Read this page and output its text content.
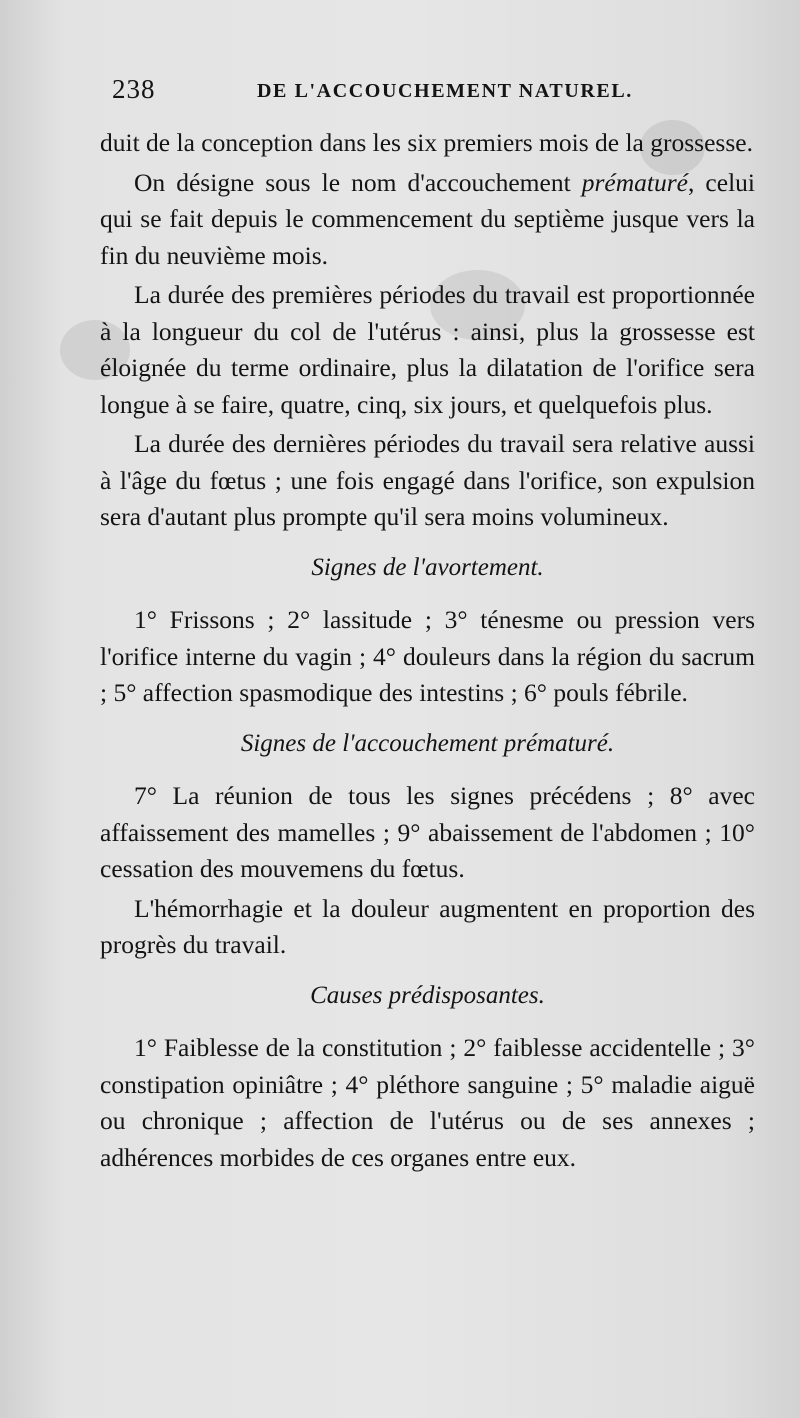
238	DE L'ACCOUCHEMENT NATUREL.

duit de la conception dans les six premiers mois de la grossesse.

On désigne sous le nom d'accouchement prématuré, celui qui se fait depuis le commencement du septième jusque vers la fin du neuvième mois.

La durée des premières périodes du travail est proportionnée à la longueur du col de l'utérus : ainsi, plus la grossesse est éloignée du terme ordinaire, plus la dilatation de l'orifice sera longue à se faire, quatre, cinq, six jours, et quelquefois plus.

La durée des dernières périodes du travail sera relative aussi à l'âge du fœtus ; une fois engagé dans l'orifice, son expulsion sera d'autant plus prompte qu'il sera moins volumineux.

Signes de l'avortement.

1° Frissons ; 2° lassitude ; 3° ténesme ou pression vers l'orifice interne du vagin ; 4° douleurs dans la région du sacrum ; 5° affection spasmodique des intestins ; 6° pouls fébrile.

Signes de l'accouchement prématuré.

7° La réunion de tous les signes précédens ; 8° avec affaissement des mamelles ; 9° abaissement de l'abdomen ; 10° cessation des mouvemens du fœtus.

L'hémorrhagie et la douleur augmentent en proportion des progrès du travail.

Causes prédisposantes.

1° Faiblesse de la constitution ; 2° faiblesse accidentelle ; 3° constipation opiniâtre ; 4° pléthore sanguine ; 5° maladie aiguë ou chronique ; affection de l'utérus ou de ses annexes ; adhérences morbides de ces organes entre eux.
